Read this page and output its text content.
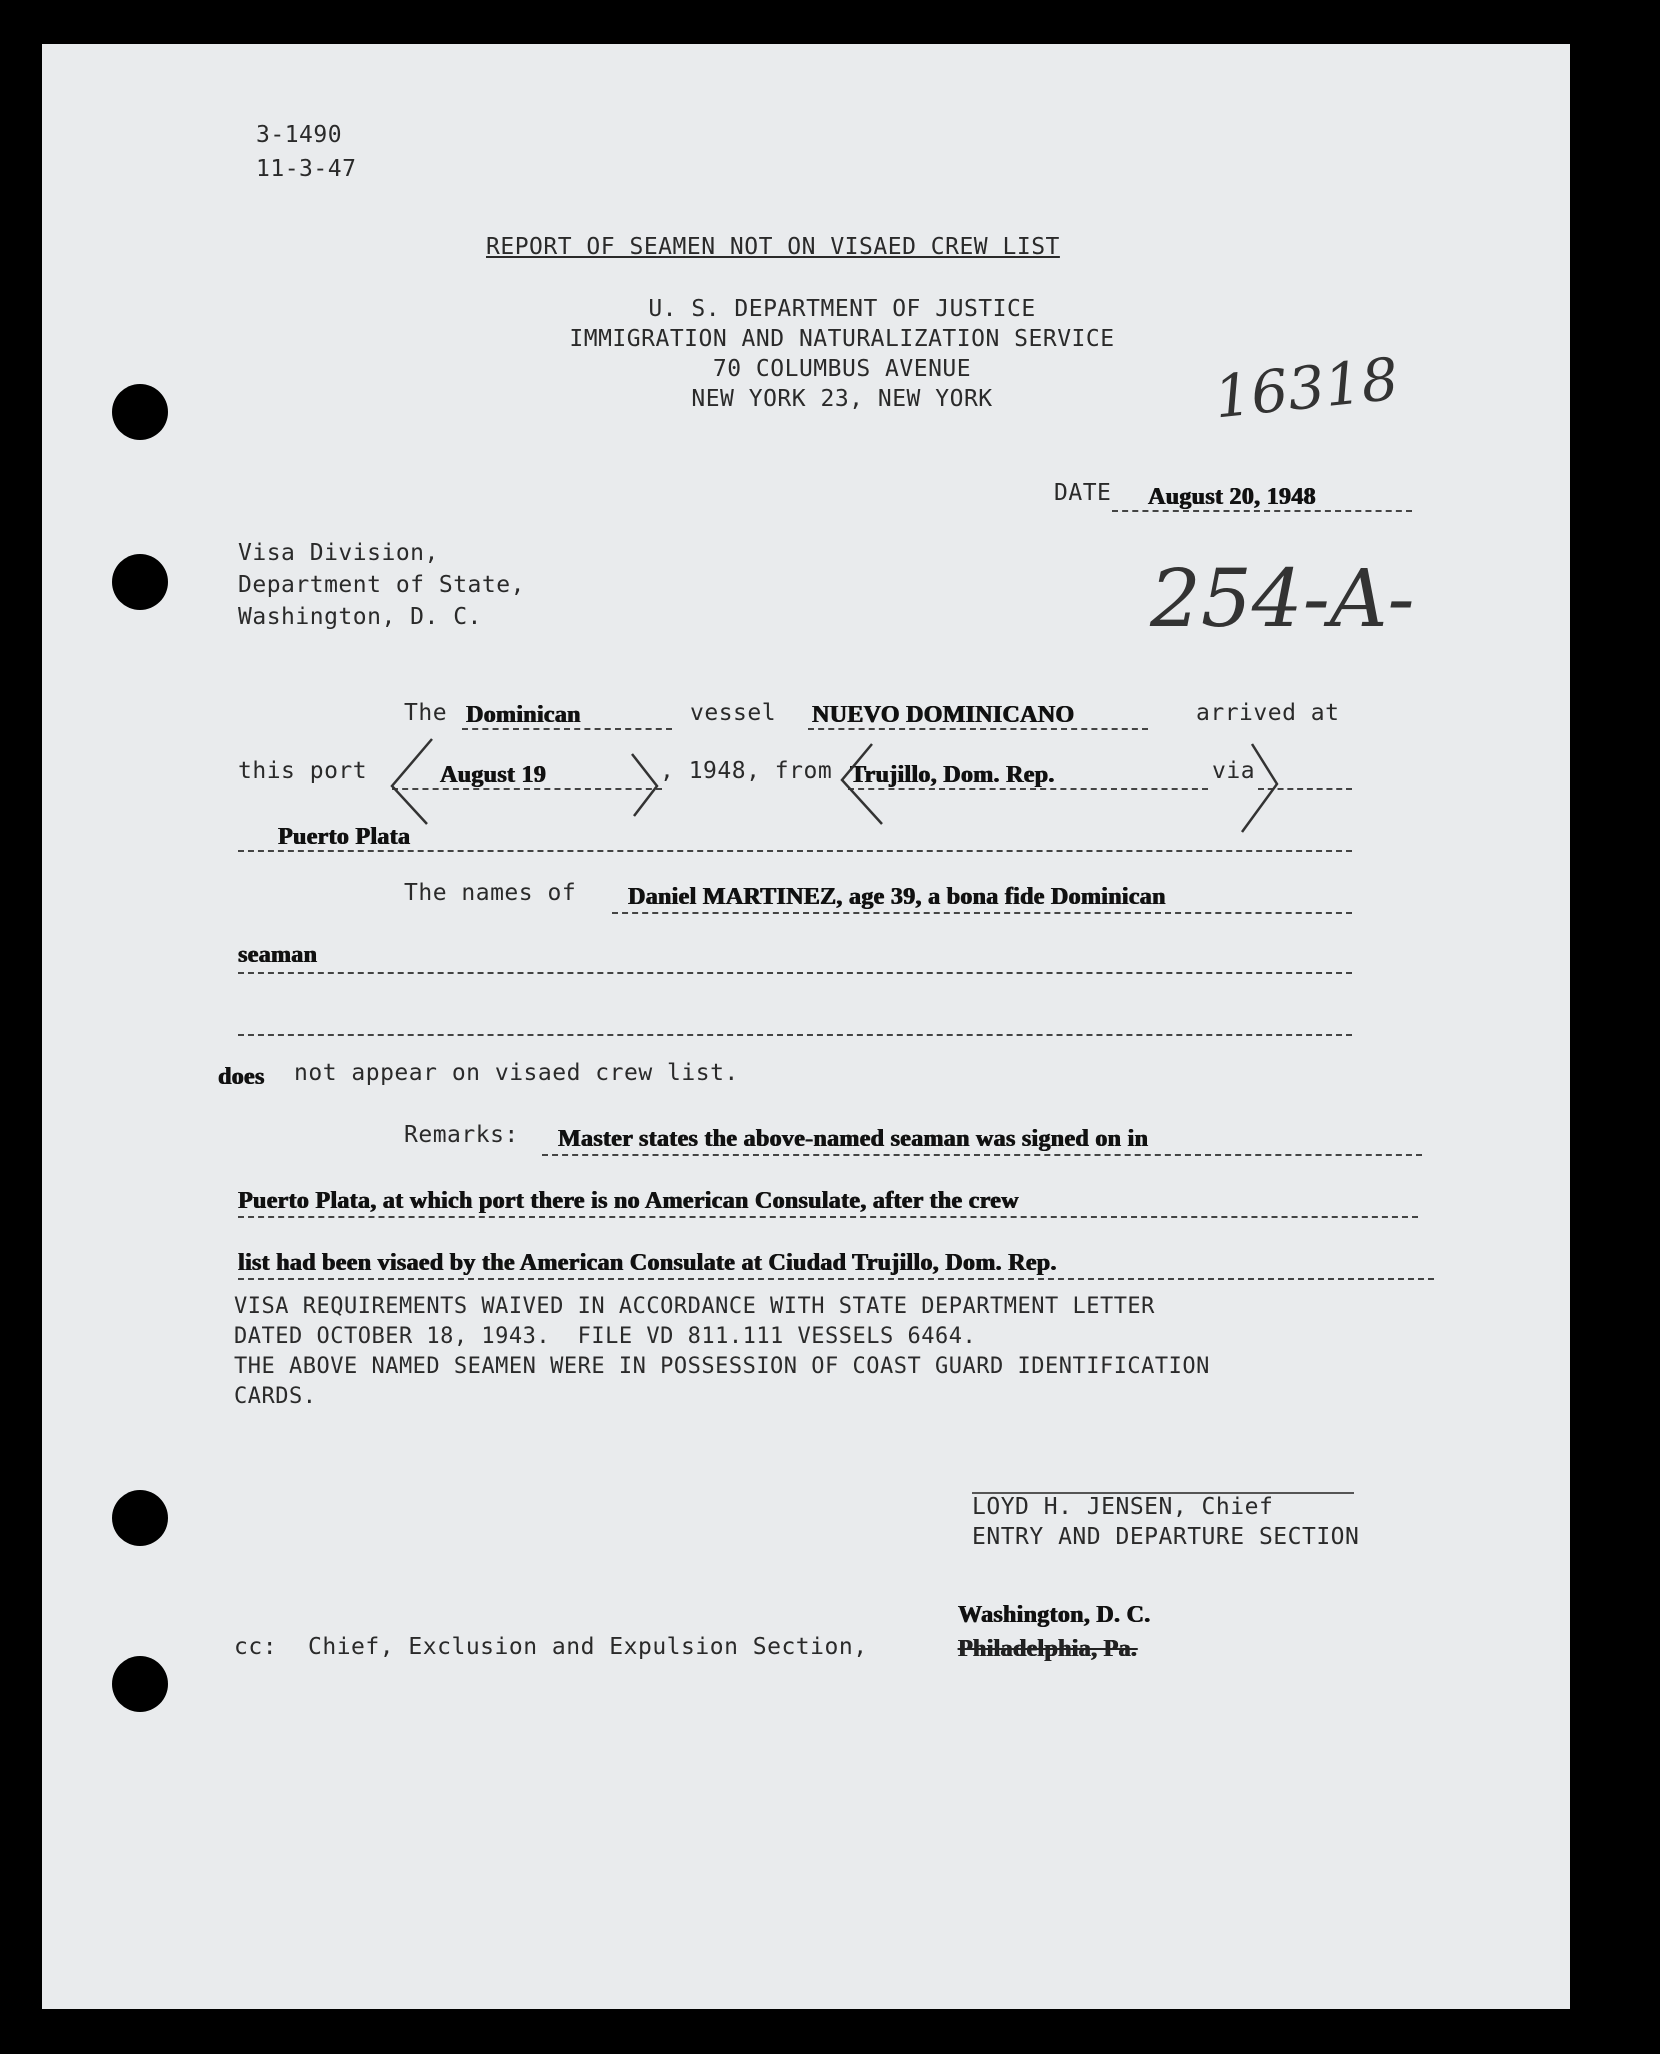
3-1490
11-3-47
REPORT OF SEAMEN NOT ON VISAED CREW LIST
U. S. DEPARTMENT OF JUSTICE
IMMIGRATION AND NATURALIZATION SERVICE
70 COLUMBUS AVENUE
NEW YORK 23, NEW YORK	16318
254-A-
DATE August 20, 1948
Visa Division,
Department of State,
Washington, D. C.
The Dominican	vessel NUEVO DOMINICANO	arrived at
this port	August 19	, 1948, from Trujillo, Dom. Rep.	via
Puerto Plata
The names of Daniel MARTINEZ, age 39, a bona fide Dominican
seaman
does not appear on visaed crew list.
Remarks: Master states the above-named seaman was signed on in
Puerto Plata, at which port there is no American Consulate, after the crew
list had been visaed by the American Consulate at Ciudad Trujillo, Dom. Rep.
VISA REQUIREMENTS WAIVED IN ACCORDANCE WITH STATE DEPARTMENT LETTER
DATED OCTOBER 18, 1943.  FILE VD 811.111 VESSELS 6464.
THE ABOVE NAMED SEAMEN WERE IN POSSESSION OF COAST GUARD IDENTIFICATION
CARDS.
LOYD H. JENSEN, Chief
ENTRY AND DEPARTURE SECTION
cc: Chief, Exclusion and Expulsion Section,
Washington, D. C.
Philadelphia, Pa.
